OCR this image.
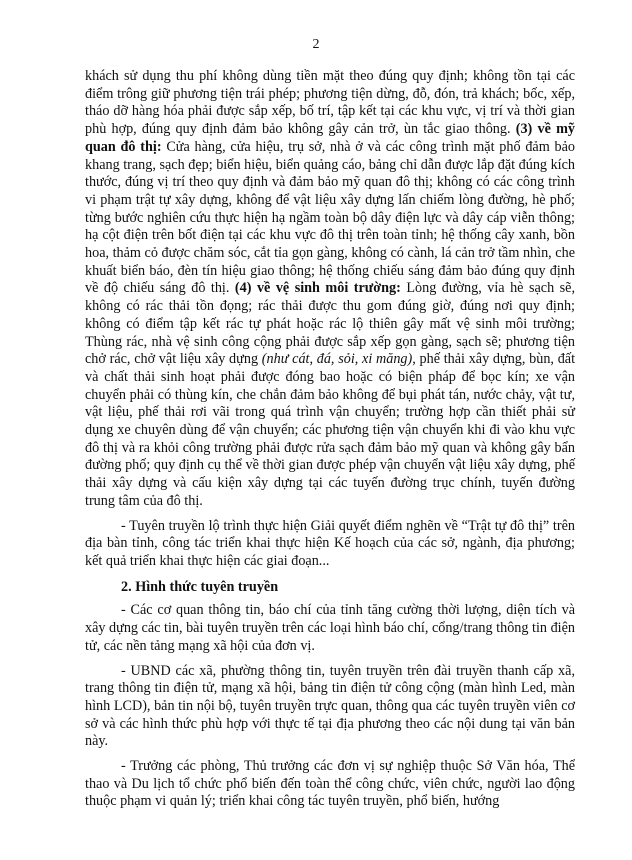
2

khách sử dụng thu phí không dùng tiền mặt theo đúng quy định; không tồn tại các điểm trông giữ phương tiện trái phép; phương tiện dừng, đỗ, đón, trả khách; bốc, xếp, tháo dỡ hàng hóa phải được sắp xếp, bố trí, tập kết tại các khu vực, vị trí và thời gian phù hợp, đúng quy định đảm bảo không gây cản trở, ùn tắc giao thông. (3) về mỹ quan đô thị: Cửa hàng, cửa hiệu, trụ sở, nhà ở và các công trình mặt phố đảm bảo khang trang, sạch đẹp; biển hiệu, biển quảng cáo, bảng chỉ dẫn được lắp đặt đúng kích thước, đúng vị trí theo quy định và đảm bảo mỹ quan đô thị; không có các công trình vi phạm trật tự xây dựng, không để vật liệu xây dựng lấn chiếm lòng đường, hè phố; từng bước nghiên cứu thực hiện hạ ngầm toàn bộ dây điện lực và dây cáp viễn thông; hạ cột điện trên bốt điện tại các khu vực đô thị trên toàn tỉnh; hệ thống cây xanh, bồn hoa, thảm cỏ được chăm sóc, cắt tỉa gọn gàng, không có cành, lá cản trở tầm nhìn, che khuất biển báo, đèn tín hiệu giao thông; hệ thống chiếu sáng đảm bảo đúng quy định về độ chiếu sáng đô thị. (4) về vệ sinh môi trường: Lòng đường, vỉa hè sạch sẽ, không có rác thải tồn đọng; rác thải được thu gom đúng giờ, đúng nơi quy định; không có điểm tập kết rác tự phát hoặc rác lộ thiên gây mất vệ sinh môi trường; Thùng rác, nhà vệ sinh công cộng phải được sắp xếp gọn gàng, sạch sẽ; phương tiện chở rác, chở vật liệu xây dựng (như cát, đá, sỏi, xi măng), phế thải xây dựng, bùn, đất và chất thải sinh hoạt phải được đóng bao hoặc có biện pháp để bọc kín; xe vận chuyển phải có thùng kín, che chắn đảm bảo không để bụi phát tán, nước chảy, vật tư, vật liệu, phế thải rơi vãi trong quá trình vận chuyển; trường hợp cần thiết phải sử dụng xe chuyên dùng để vận chuyển; các phương tiện vận chuyển khi đi vào khu vực đô thị và ra khỏi công trường phải được rửa sạch đảm bảo mỹ quan và không gây bẩn đường phố; quy định cụ thể về thời gian được phép vận chuyển vật liệu xây dựng, phế thải xây dựng và cấu kiện xây dựng tại các tuyến đường trục chính, tuyến đường trung tâm của đô thị.

- Tuyên truyền lộ trình thực hiện Giải quyết điểm nghẽn về “Trật tự đô thị” trên địa bàn tỉnh, công tác triển khai thực hiện Kế hoạch của các sở, ngành, địa phương; kết quả triển khai thực hiện các giai đoạn...

2. Hình thức tuyên truyền

- Các cơ quan thông tin, báo chí của tỉnh tăng cường thời lượng, diện tích và xây dựng các tin, bài tuyên truyền trên các loại hình báo chí, cổng/trang thông tin điện tử, các nền tảng mạng xã hội của đơn vị.

- UBND các xã, phường thông tin, tuyên truyền trên đài truyền thanh cấp xã, trang thông tin điện tử, mạng xã hội, bảng tin điện tử công cộng (màn hình Led, màn hình LCD), bản tin nội bộ, tuyên truyền trực quan, thông qua các tuyên truyền viên cơ sở và các hình thức phù hợp với thực tế tại địa phương theo các nội dung tại văn bản này.

- Trưởng các phòng, Thủ trưởng các đơn vị sự nghiệp thuộc Sở Văn hóa, Thể thao và Du lịch tổ chức phổ biến đến toàn thể công chức, viên chức, người lao động thuộc phạm vi quản lý; triển khai công tác tuyên truyền, phổ biến, hướng
